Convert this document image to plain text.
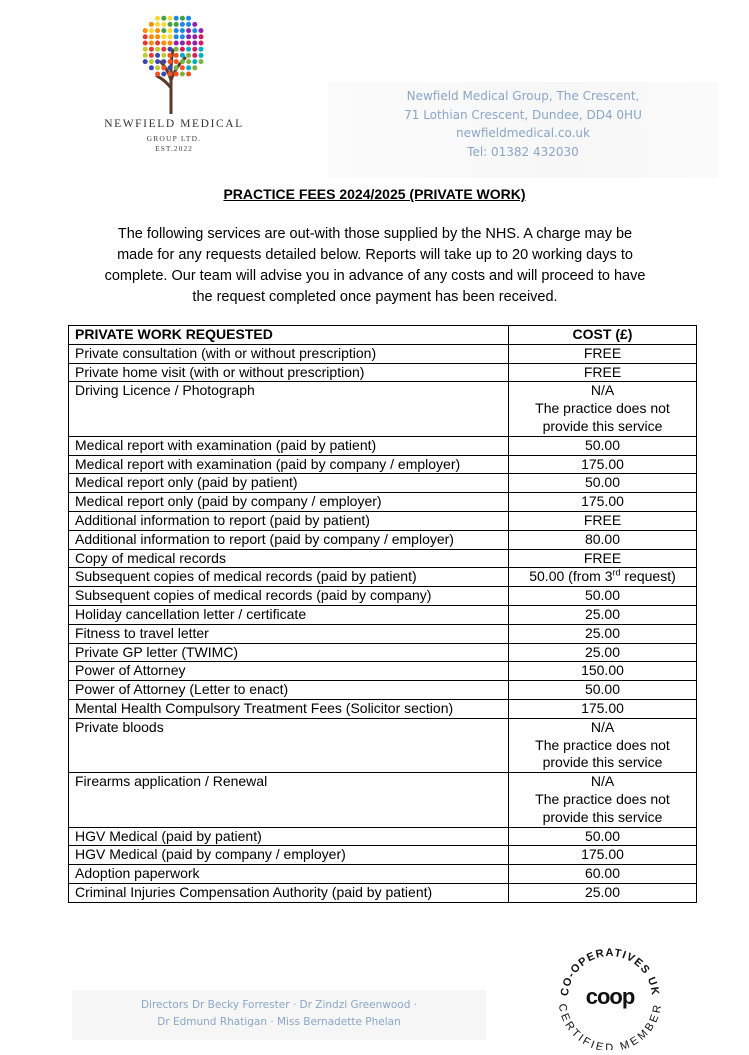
NEWFIELD MEDICAL
GROUP LTD.
EST.2022
Newfield Medical Group, The Crescent,
71 Lothian Crescent, Dundee, DD4 0HU
newfieldmedical.co.uk
Tel: 01382 432030
PRACTICE FEES 2024/2025 (PRIVATE WORK)
The following services are out-with those supplied by the NHS. A charge may be
made for any requests detailed below. Reports will take up to 20 working days to
complete. Our team will advise you in advance of any costs and will proceed to have
the request completed once payment has been received.
PRIVATE WORK REQUESTED	COST (£)
Private consultation (with or without prescription)	FREE

Private home visit (with or without prescription)	FREE

Driving Licence / Photograph	N/A
The practice does not
provide this service

Medical report with examination (paid by patient)	50.00

Medical report with examination (paid by company / employer)	175.00

Medical report only (paid by patient)	50.00

Medical report only (paid by company / employer)	175.00

Additional information to report (paid by patient)	FREE

Additional information to report (paid by company / employer)	80.00

Copy of medical records	FREE

Subsequent copies of medical records (paid by patient)	50.00 (from 3rd request)

Subsequent copies of medical records (paid by company)	50.00

Holiday cancellation letter / certificate	25.00

Fitness to travel letter	25.00

Private GP letter (TWIMC)	25.00

Power of Attorney	150.00

Power of Attorney (Letter to enact)	50.00

Mental Health Compulsory Treatment Fees (Solicitor section)	175.00

Private bloods	N/A
The practice does not
provide this service

Firearms application / Renewal	N/A
The practice does not
provide this service

HGV Medical (paid by patient)	50.00

HGV Medical (paid by company / employer)	175.00

Adoption paperwork	60.00

Criminal Injuries Compensation Authority (paid by patient)	25.00
Directors Dr Becky Forrester · Dr Zindzi Greenwood ·
Dr Edmund Rhatigan · Miss Bernadette Phelan
CO-OPERATIVES UK
CERTIFIED MEMBER
coop
